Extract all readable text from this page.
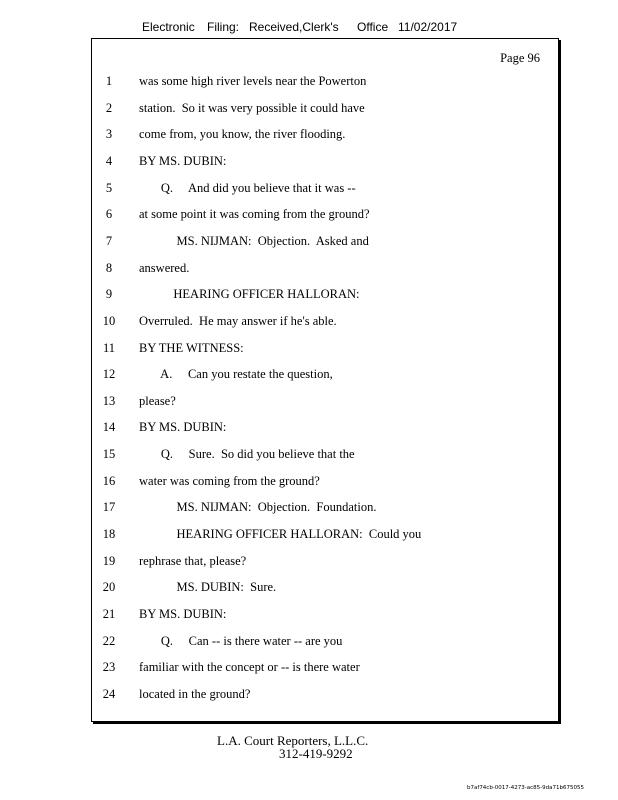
Electronic Filing: Received,Clerk's Office 11/02/2017
Page 96
1	was some high river levels near the Powerton
2	station.  So it was very possible it could have
3	come from, you know, the river flooding.
4	BY MS. DUBIN:
5	Q.     And did you believe that it was --
6	at some point it was coming from the ground?
7	MS. NIJMAN:  Objection.  Asked and
8	answered.
9	HEARING OFFICER HALLORAN:
10	Overruled.  He may answer if he's able.
11	BY THE WITNESS:
12	A.     Can you restate the question,
13	please?
14	BY MS. DUBIN:
15	Q.     Sure.  So did you believe that the
16	water was coming from the ground?
17	MS. NIJMAN:  Objection.  Foundation.
18	HEARING OFFICER HALLORAN:  Could you
19	rephrase that, please?
20	MS. DUBIN:  Sure.
21	BY MS. DUBIN:
22	Q.     Can -- is there water -- are you
23	familiar with the concept or -- is there water
24	located in the ground?
L.A. Court Reporters, L.L.C.
312-419-9292
b7af74cb-0017-4273-ac85-9da71b675055
